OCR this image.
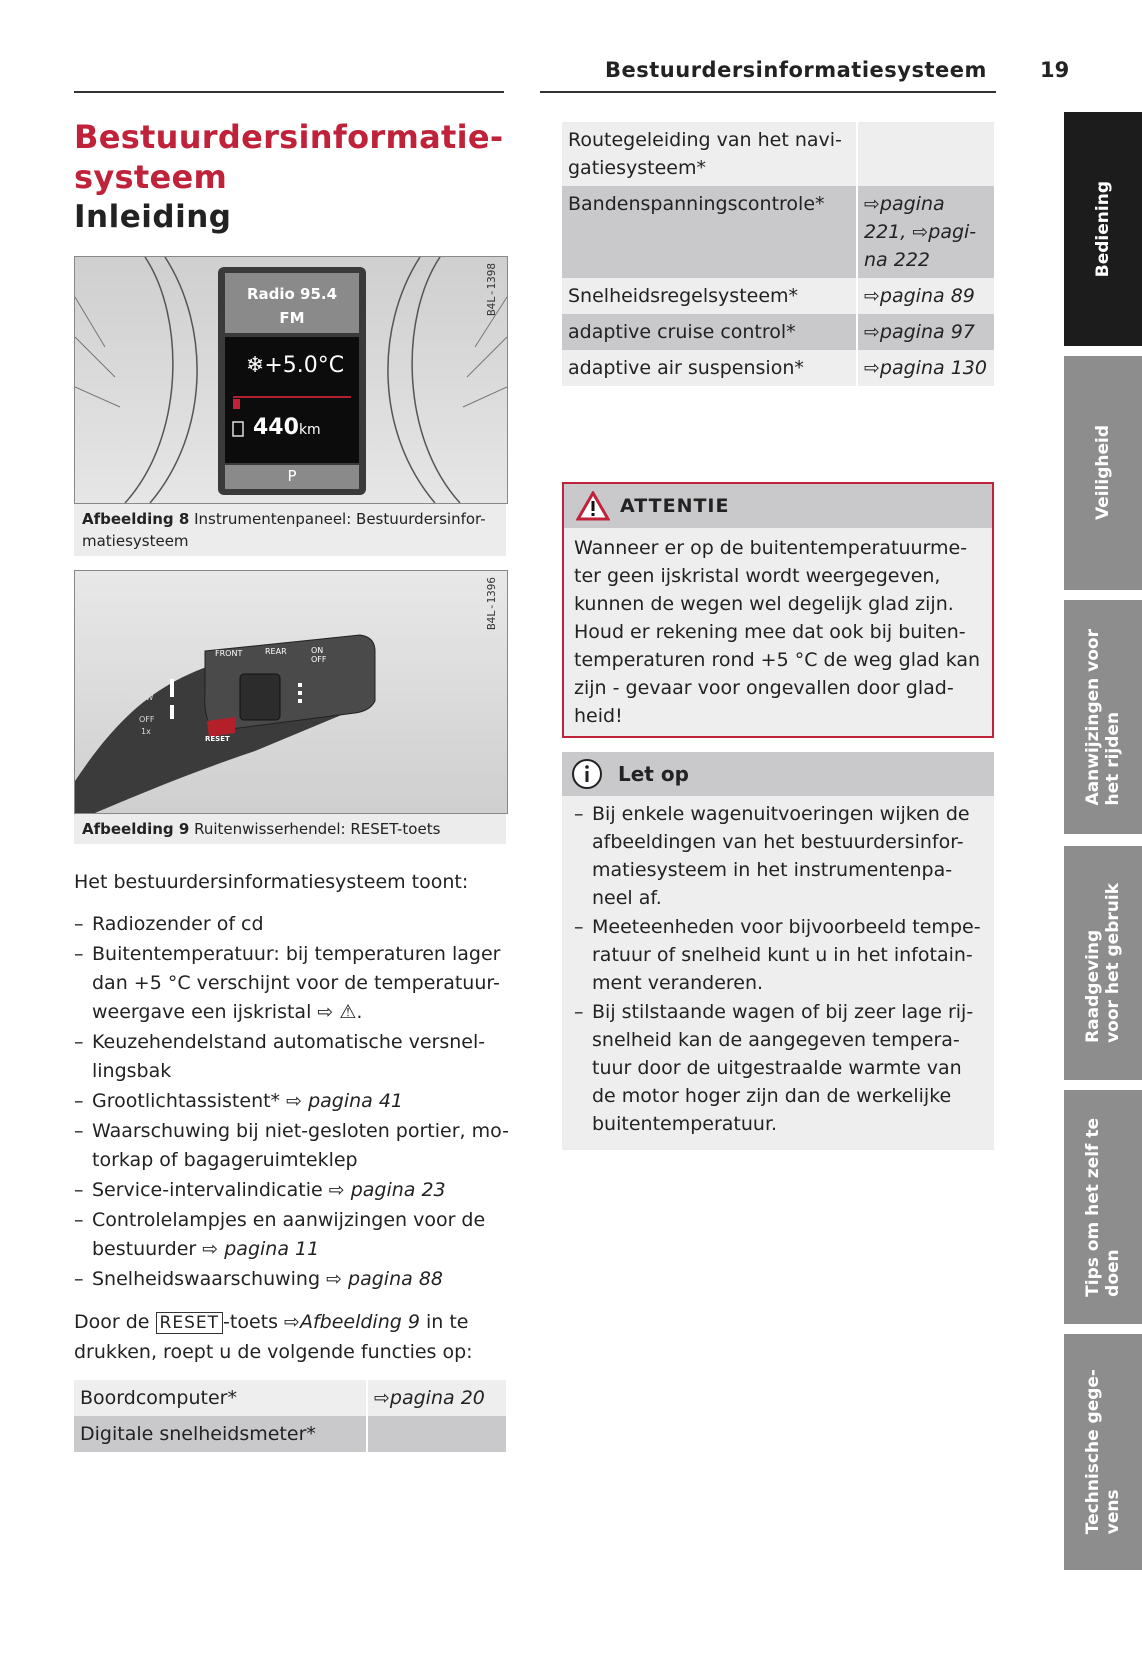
Bestuurdersinformatiesysteem	19
Bestuurdersinformatie-
systeem
Inleiding
Radio 95.4
FM
❄+5.0°C
440km
P
B4L-1398
Afbeelding 8 Instrumentenpaneel: Bestuurdersinfor-matiesysteem
FRONT	REAR	ON
OFF
HIGH
LOW
OFF
1x
RESET
B4L-1396
Afbeelding 9 Ruitenwisserhendel: RESET-toets
Het bestuurdersinformatiesysteem toont:
– Radiozender of cd
– Buitentemperatuur: bij temperaturen lager dan +5 °C verschijnt voor de temperatuur-weergave een ijskristal ⇨ ⚠.
– Keuzehendelstand automatische versnel-lingsbak
– Grootlichtassistent* ⇨ pagina 41
– Waarschuwing bij niet-gesloten portier, mo-torkap of bagageruimteklep
– Service-intervalindicatie ⇨ pagina 23
– Controlelampjes en aanwijzingen voor de bestuurder ⇨ pagina 11
– Snelheidswaarschuwing ⇨ pagina 88
Door de RESET -toets ⇨Afbeelding 9 in te drukken, roept u de volgende functies op:
Boordcomputer*	⇨pagina 20
Digitale snelheidsmeter*	
Routegeleiding van het navi-gatiesysteem*	
Bandenspanningscontrole*	⇨pagina 221, ⇨pagi-na 222
Snelheidsregelsysteem*	⇨pagina 89
adaptive cruise control*	⇨pagina 97
adaptive air suspension*	⇨pagina 130
ATTENTIE
Wanneer er op de buitentemperatuurme-ter geen ijskristal wordt weergegeven, kunnen de wegen wel degelijk glad zijn. Houd er rekening mee dat ook bij buiten-temperaturen rond +5 °C de weg glad kan zijn - gevaar voor ongevallen door glad-heid!
Let op
– Bij enkele wagenuitvoeringen wijken de afbeeldingen van het bestuurdersinfor-matiesysteem in het instrumentenpa-neel af.
– Meeteenheden voor bijvoorbeeld tempe-ratuur of snelheid kunt u in het infotain-ment veranderen.
– Bij stilstaande wagen of bij zeer lage rij-snelheid kan de aangegeven tempera-tuur door de uitgestraalde warmte van de motor hoger zijn dan de werkelijke buitentemperatuur.
Bediening
Veiligheid
Aanwijzingen voor het rijden
Raadgeving voor het gebruik
Tips om het zelf te doen
Technische gege- vens
